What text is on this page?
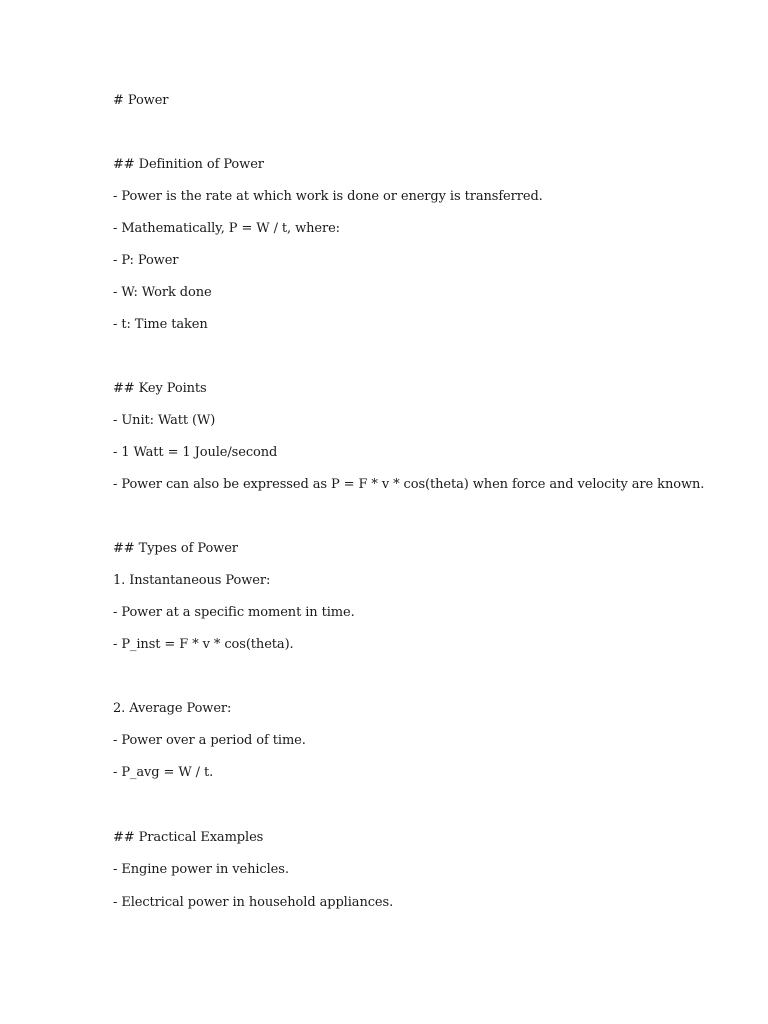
# Power
## Definition of Power
- Power is the rate at which work is done or energy is transferred.
- Mathematically, P = W / t, where:
- P: Power
- W: Work done
- t: Time taken
## Key Points
- Unit: Watt (W)
- 1 Watt = 1 Joule/second
- Power can also be expressed as P = F * v * cos(theta) when force and velocity are known.
## Types of Power
1. Instantaneous Power:
- Power at a specific moment in time.
- P_inst = F * v * cos(theta).
2. Average Power:
- Power over a period of time.
- P_avg = W / t.
## Practical Examples
- Engine power in vehicles.
- Electrical power in household appliances.
